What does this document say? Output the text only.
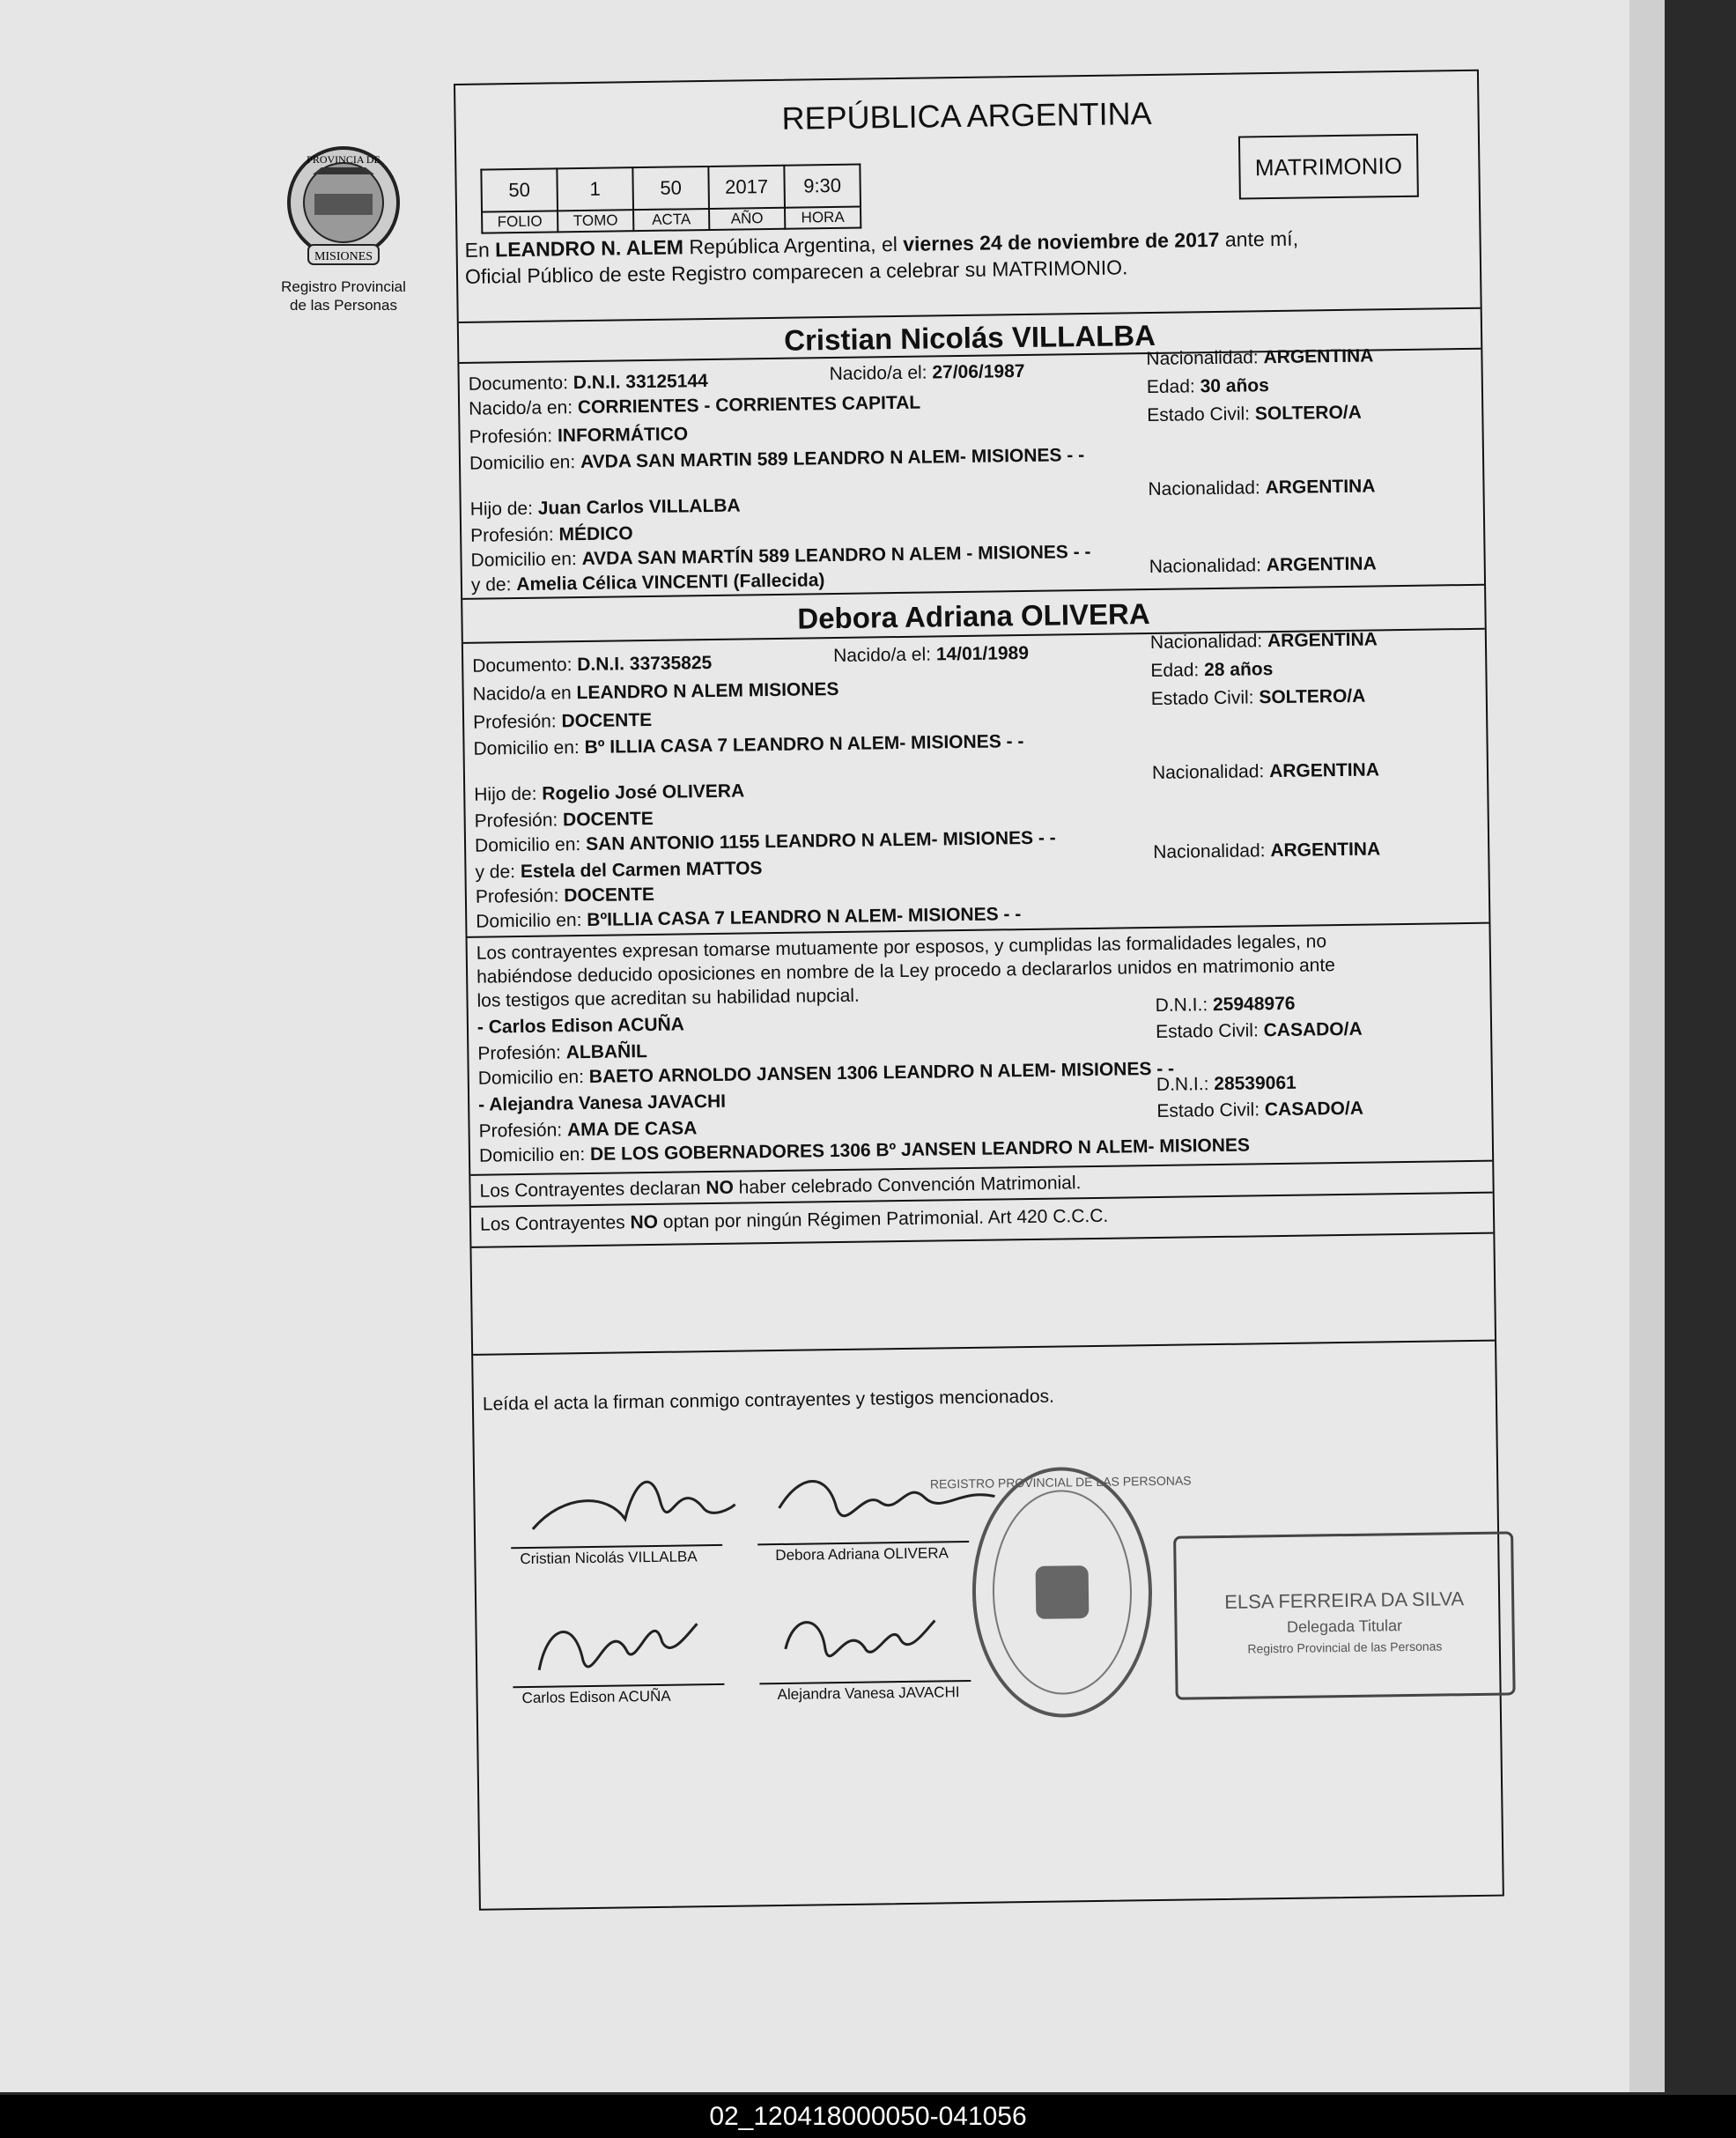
PROVINCIA DE
MISIONES
Registro Provincial
de las Personas
REPÚBLICA ARGENTINA
50	1	50	2017	9:30
FOLIO	TOMO	ACTA	AÑO	HORA
MATRIMONIO
En LEANDRO N. ALEM República Argentina, el viernes 24 de noviembre de 2017 ante mí,
Oficial Público de este Registro comparecen a celebrar su MATRIMONIO.
Cristian Nicolás VILLALBA
Documento: D.N.I. 33125144	Nacido/a el: 27/06/1987
Nacionalidad: ARGENTINA
Nacido/a en: CORRIENTES - CORRIENTES CAPITAL
Edad: 30 años
Profesión: INFORMÁTICO
Estado Civil: SOLTERO/A
Domicilio en: AVDA SAN MARTIN 589 LEANDRO N ALEM- MISIONES - -
Hijo de: Juan Carlos VILLALBA
Nacionalidad: ARGENTINA
Profesión: MÉDICO
Domicilio en: AVDA SAN MARTÍN 589 LEANDRO N ALEM - MISIONES - -
y de: Amelia Célica VINCENTI (Fallecida)
Nacionalidad: ARGENTINA
Debora Adriana OLIVERA
Documento: D.N.I. 33735825	Nacido/a el: 14/01/1989
Nacionalidad: ARGENTINA
Nacido/a en LEANDRO N ALEM MISIONES
Edad: 28 años
Profesión: DOCENTE
Estado Civil: SOLTERO/A
Domicilio en: Bº ILLIA CASA 7 LEANDRO N ALEM- MISIONES - -
Hijo de: Rogelio José OLIVERA
Nacionalidad: ARGENTINA
Profesión: DOCENTE
Domicilio en: SAN ANTONIO 1155 LEANDRO N ALEM- MISIONES - -
y de: Estela del Carmen MATTOS
Nacionalidad: ARGENTINA
Profesión: DOCENTE
Domicilio en: BºILLIA CASA 7 LEANDRO N ALEM- MISIONES - -
Los contrayentes expresan tomarse mutuamente por esposos, y cumplidas las formalidades legales, no
habiéndose deducido oposiciones en nombre de la Ley procedo a declararlos unidos en matrimonio ante
los testigos que acreditan su habilidad nupcial.
- Carlos Edison ACUÑA
D.N.I.: 25948976
Profesión: ALBAÑIL
Estado Civil: CASADO/A
Domicilio en: BAETO ARNOLDO JANSEN 1306 LEANDRO N ALEM- MISIONES - -
- Alejandra Vanesa JAVACHI
D.N.I.: 28539061
Profesión: AMA DE CASA
Estado Civil: CASADO/A
Domicilio en: DE LOS GOBERNADORES 1306 Bº JANSEN LEANDRO N ALEM- MISIONES
Los Contrayentes declaran NO haber celebrado Convención Matrimonial.
Los Contrayentes NO optan por ningún Régimen Patrimonial. Art 420 C.C.C.
Leída el acta la firman conmigo contrayentes y testigos mencionados.
Cristian Nicolás VILLALBA	Debora Adriana OLIVERA
Carlos Edison ACUÑA	Alejandra Vanesa JAVACHI
REGISTRO PROVINCIAL DE LAS PERSONAS
ELSA FERREIRA DA SILVA
Delegada Titular
Registro Provincial de las Personas
02_120418000050-041056
